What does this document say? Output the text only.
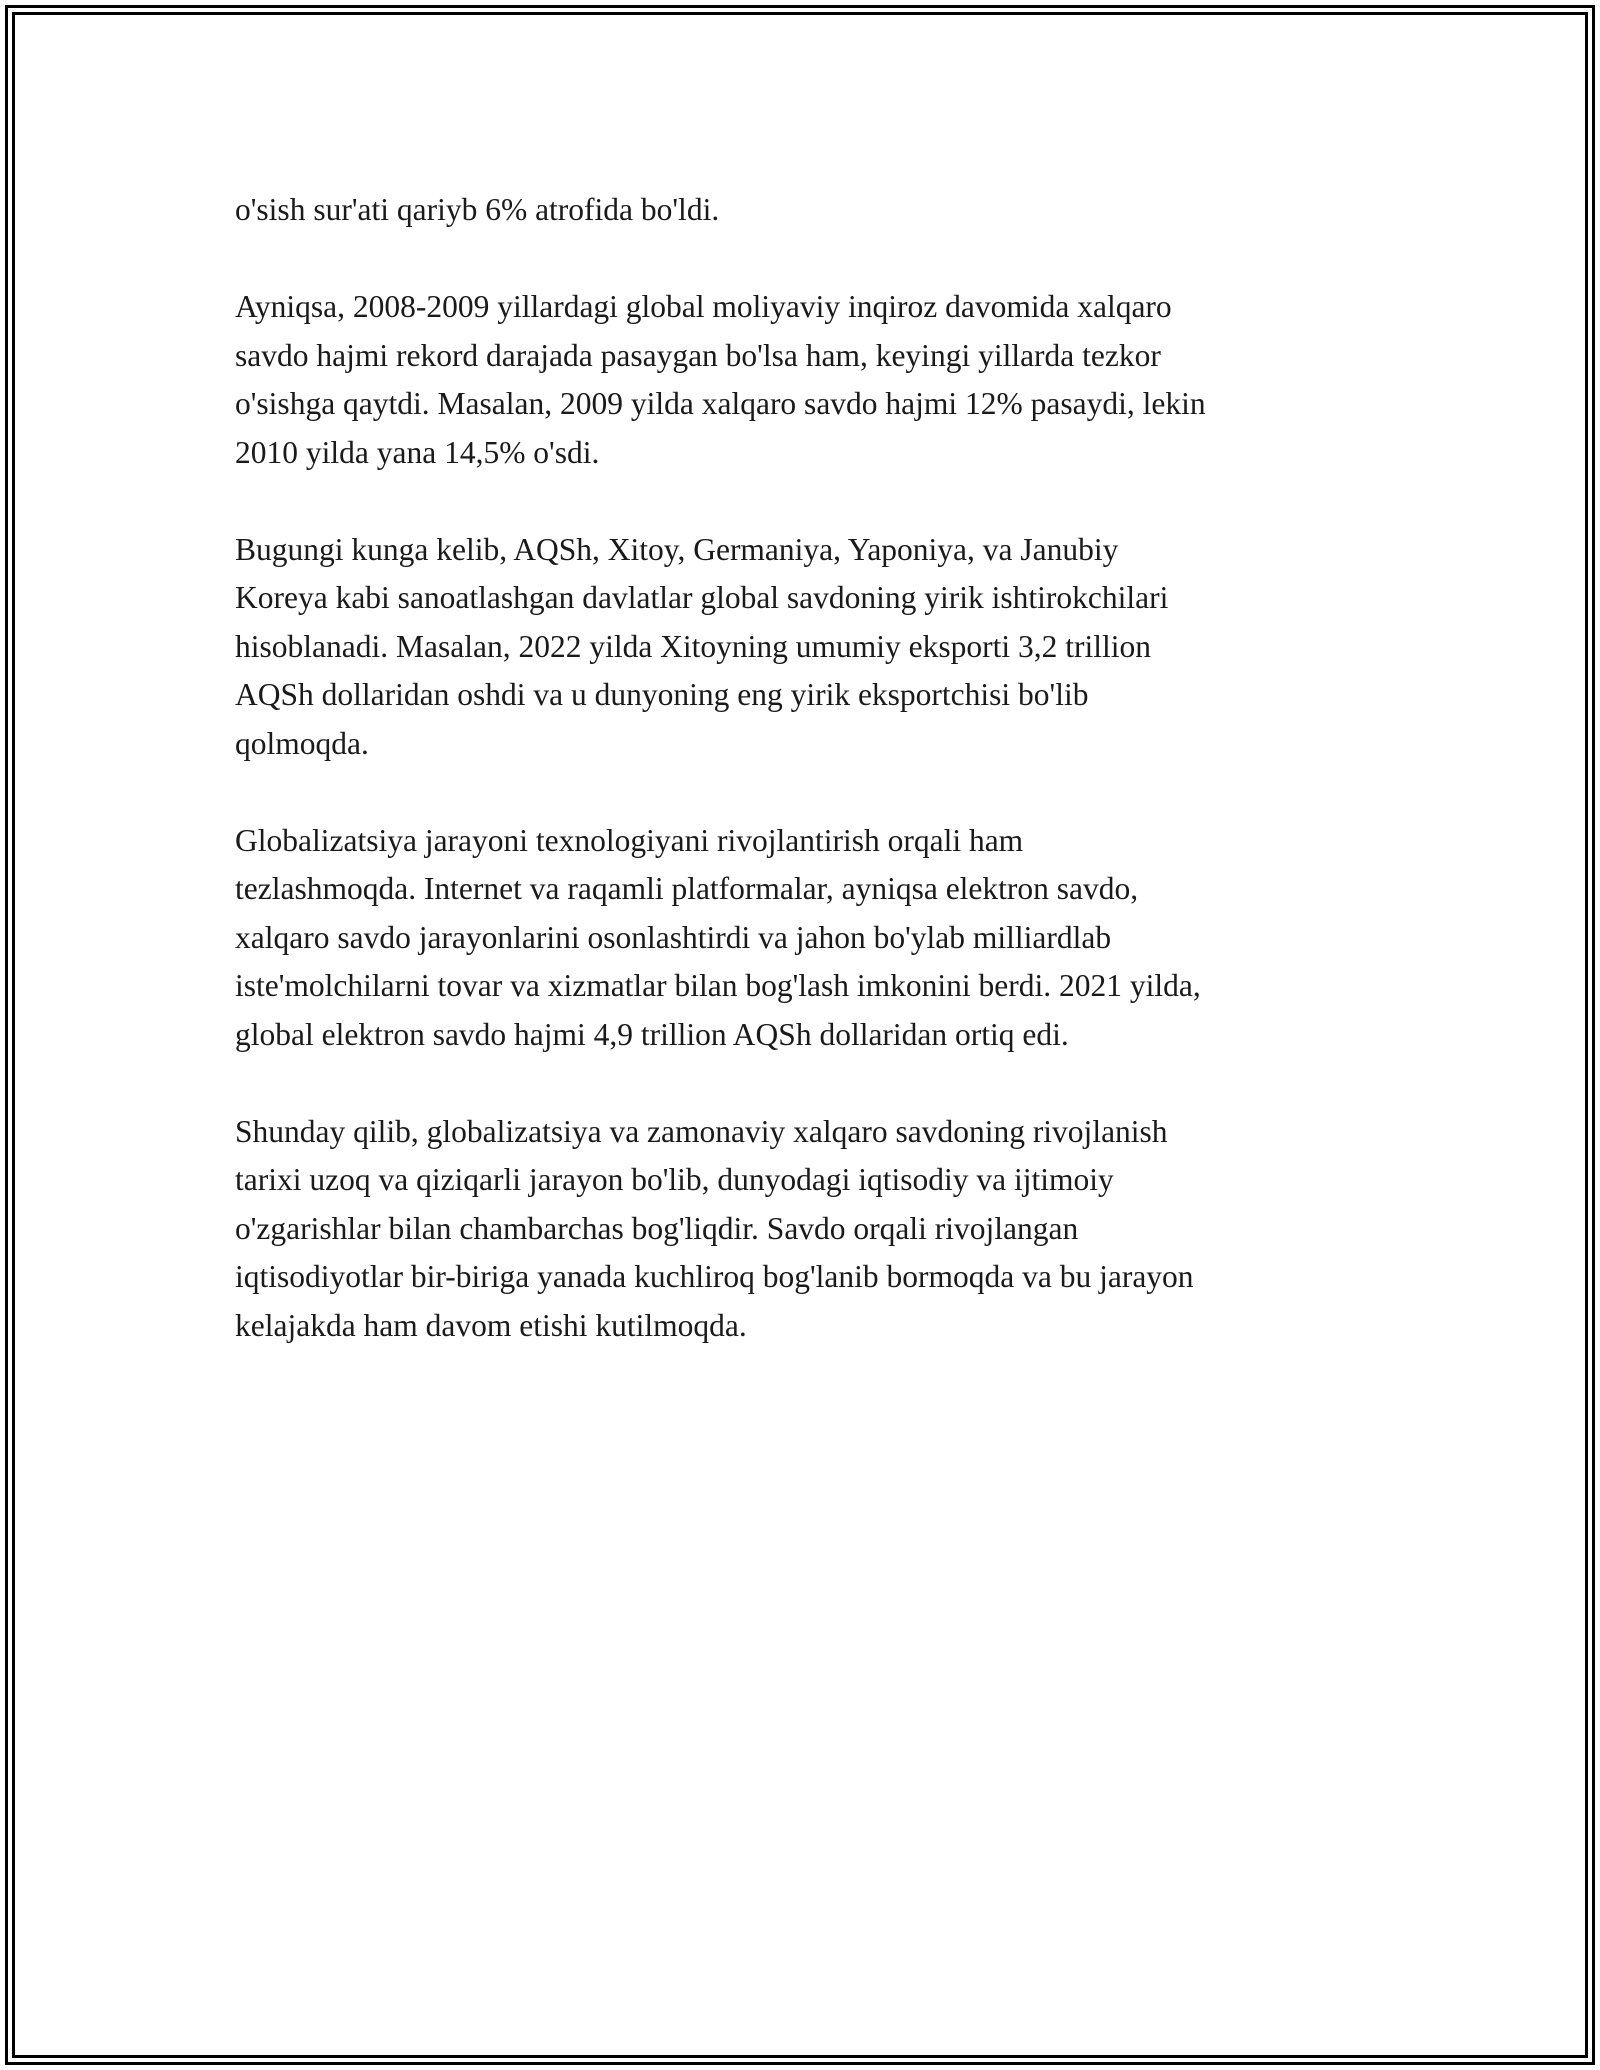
o'sish sur'ati qariyb 6% atrofida bo'ldi.

Ayniqsa, 2008-2009 yillardagi global moliyaviy inqiroz davomida xalqaro
savdo hajmi rekord darajada pasaygan bo'lsa ham, keyingi yillarda tezkor
o'sishga qaytdi. Masalan, 2009 yilda xalqaro savdo hajmi 12% pasaydi, lekin
2010 yilda yana 14,5% o'sdi.

Bugungi kunga kelib, AQSh, Xitoy, Germaniya, Yaponiya, va Janubiy
Koreya kabi sanoatlashgan davlatlar global savdoning yirik ishtirokchilari
hisoblanadi. Masalan, 2022 yilda Xitoyning umumiy eksporti 3,2 trillion
AQSh dollaridan oshdi va u dunyoning eng yirik eksportchisi bo'lib
qolmoqda.

Globalizatsiya jarayoni texnologiyani rivojlantirish orqali ham
tezlashmoqda. Internet va raqamli platformalar, ayniqsa elektron savdo,
xalqaro savdo jarayonlarini osonlashtirdi va jahon bo'ylab milliardlab
iste'molchilarni tovar va xizmatlar bilan bog'lash imkonini berdi. 2021 yilda,
global elektron savdo hajmi 4,9 trillion AQSh dollaridan ortiq edi.

Shunday qilib, globalizatsiya va zamonaviy xalqaro savdoning rivojlanish
tarixi uzoq va qiziqarli jarayon bo'lib, dunyodagi iqtisodiy va ijtimoiy
o'zgarishlar bilan chambarchas bog'liqdir. Savdo orqali rivojlangan
iqtisodiyotlar bir-biriga yanada kuchliroq bog'lanib bormoqda va bu jarayon
kelajakda ham davom etishi kutilmoqda.
